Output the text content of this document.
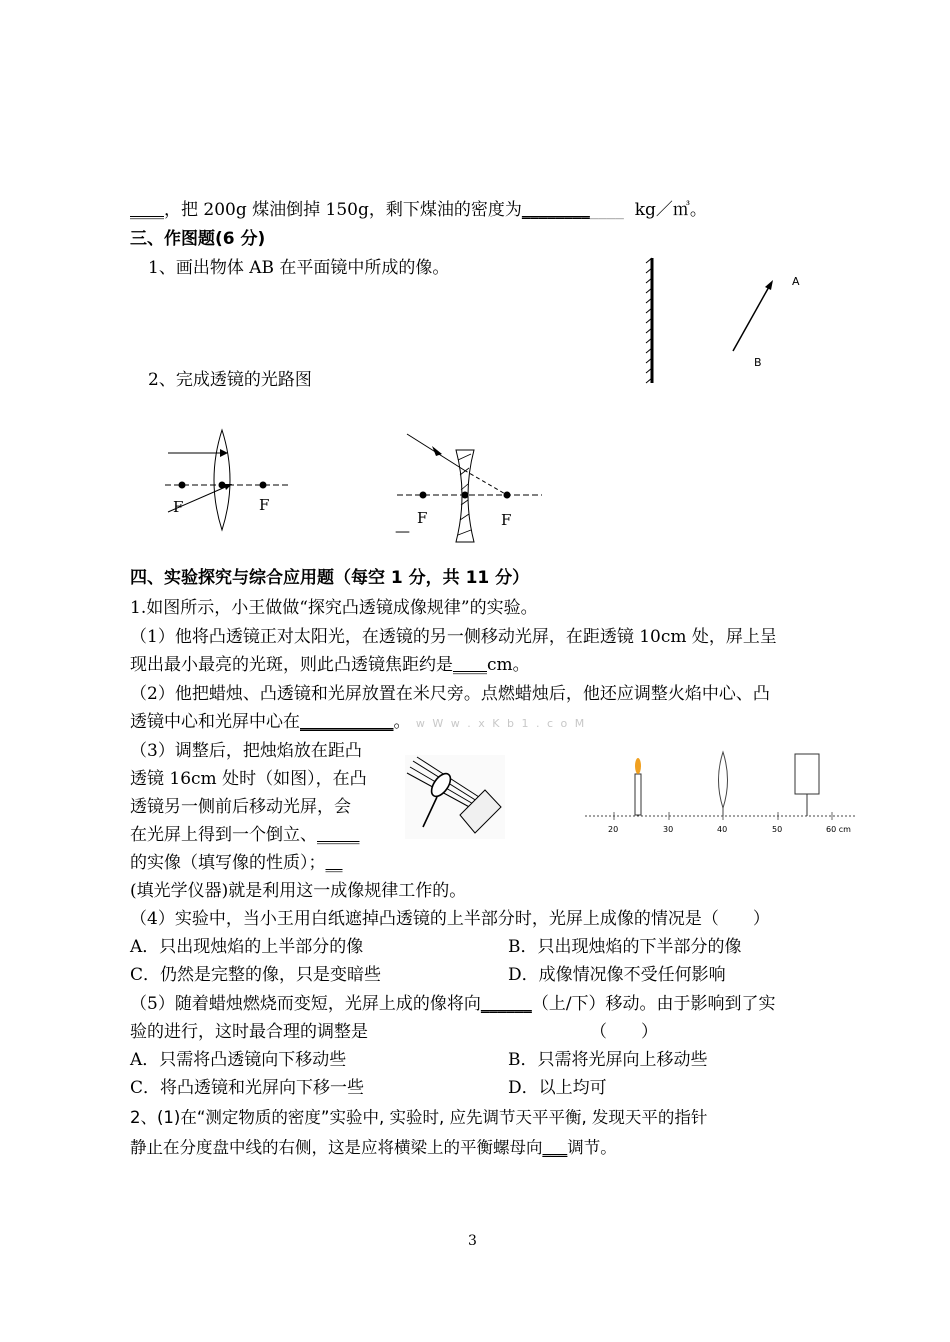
____，把 200g 煤油倒掉 150g，剩下煤油的密度为____________ kg／㎥。
三、作图题(6 分)
1、画出物体 AB 在平面镜中所成的像。
2、完成透镜的光路图
A
B
F	F
F	F
—
四、实验探究与综合应用题（每空 1 分，共 11 分）
1.如图所示，小王做做“探究凸透镜成像规律”的实验。
（1）他将凸透镜正对太阳光，在透镜的另一侧移动光屏，在距透镜 10cm 处，屏上呈
现出最小最亮的光斑，则此凸透镜焦距约是____cm。
（2）他把蜡烛、凸透镜和光屏放置在米尺旁。点燃蜡烛后，他还应调整火焰中心、凸
透镜中心和光屏中心在___________。 w W w . x K b 1 . c o M
（3）调整后，把烛焰放在距凸
透镜 16cm 处时（如图），在凸
透镜另一侧前后移动光屏，会
在光屏上得到一个倒立、_____
的实像（填写像的性质）；__
(填光学仪器)就是利用这一成像规律工作的。
20	30	40	50	60 cm
（4）实验中，当小王用白纸遮掉凸透镜的上半部分时，光屏上成像的情况是（　　）
A．只出现烛焰的上半部分的像	B．只出现烛焰的下半部分的像
C．仍然是完整的像，只是变暗些	D．成像情况像不受任何影响
（5）随着蜡烛燃烧而变短，光屏上成的像将向______（上/下）移动。由于影响到了实
验的进行，这时最合理的调整是	（　　）
A．只需将凸透镜向下移动些	B．只需将光屏向上移动些
C．将凸透镜和光屏向下移一些	D．以上均可
2、(1)在“测定物质的密度”实验中, 实验时, 应先调节天平平衡, 发现天平的指针
静止在分度盘中线的右侧，这是应将横梁上的平衡螺母向___调节。
3
